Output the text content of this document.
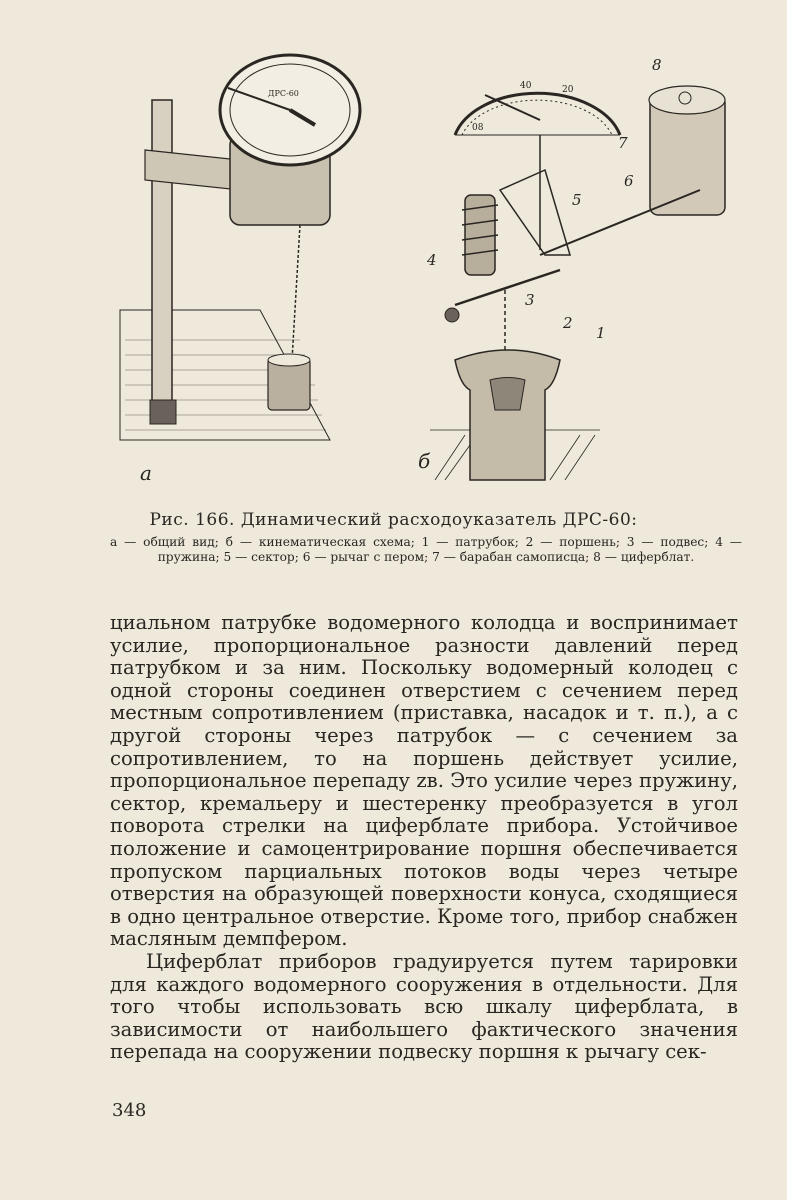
ДРС-60
а
40	20
08
1
2
3
4
5
6
7
8
б
Рис. 166. Динамический расходоуказатель ДРС-60:
а — общий вид; б — кинематическая схема; 1 — патрубок; 2 — поршень; 3 — подвес; 4 — пружина; 5 — сектор; 6 — рычаг с пером; 7 — барабан самописца; 8 — циферблат.

циальном патрубке водомерного колодца и воспринимает усилие, пропорциональное разности давлений перед патрубком и за ним. Поскольку водомерный колодец с одной стороны соединен отверстием с сечением перед местным сопротивлением (приставка, насадок и т. п.), а с другой стороны через патрубок — с сечением за сопротивлением, то на поршень действует усилие, пропорциональное перепаду zв. Это усилие через пружину, сектор, кремальеру и шестеренку преобразуется в угол поворота стрелки на циферблате прибора. Устойчивое положение и самоцентрирование поршня обеспечивается пропуском парциальных потоков воды через четыре отверстия на образующей поверхности конуса, сходящиеся в одно центральное отверстие. Кроме того, прибор снабжен масляным демпфером.

Циферблат приборов градуируется путем тарировки для каждого водомерного сооружения в отдельности. Для того чтобы использовать всю шкалу циферблата, в зависимости от наибольшего фактического значения перепада на сооружении подвеску поршня к рычагу сек-

348
